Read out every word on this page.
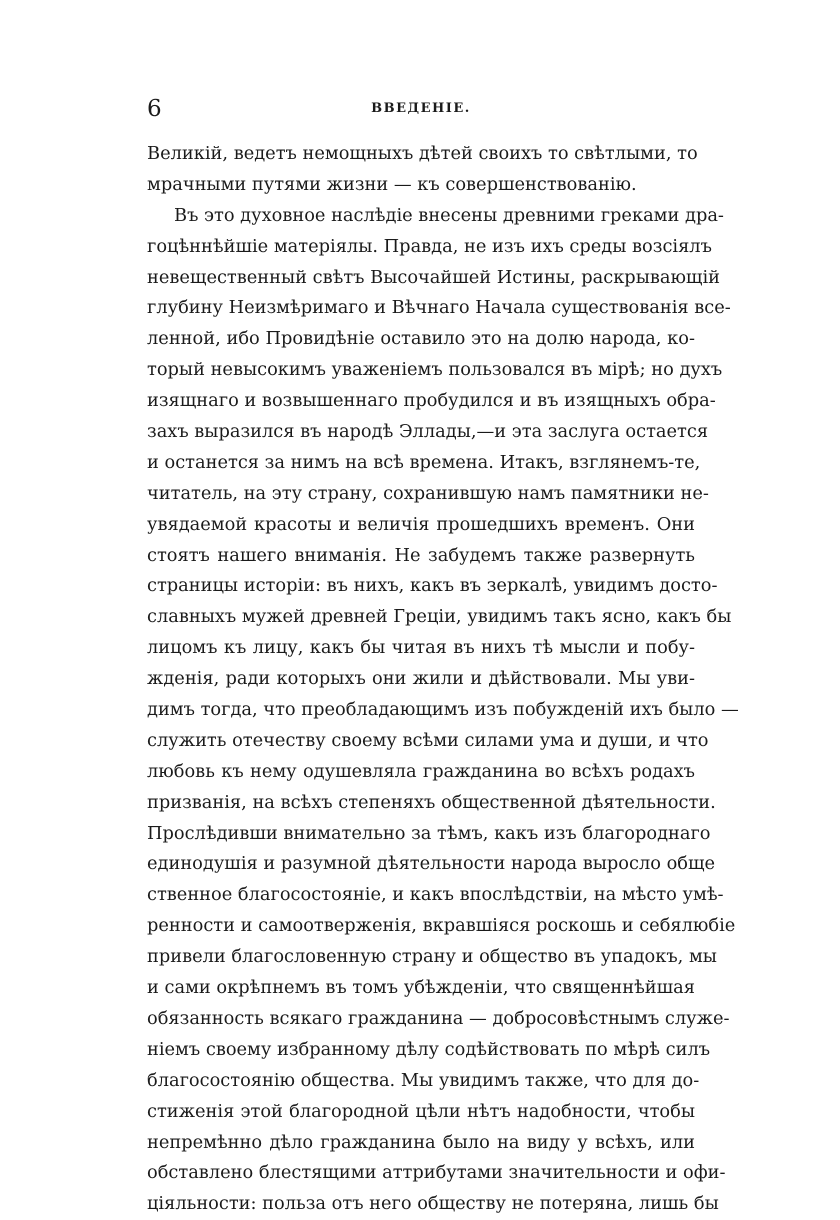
6	ВВЕДЕНІЕ.
Великій, ведетъ немощныхъ дѣтей своихъ то свѣтлыми, то
мрачными путями жизни — къ совершенствованію.
Въ это духовное наслѣдіе внесены древними греками дра-
гоцѣннѣйшіе матеріялы. Правда, не изъ ихъ среды возсіялъ
невещественный свѣтъ Высочайшей Истины, раскрывающій
глубину Неизмѣримаго и Вѣчнаго Начала существованія все-
ленной, ибо Провидѣніе оставило это на долю народа, ко-
торый невысокимъ уваженіемъ пользовался въ мірѣ; но духъ
изящнаго и возвышеннаго пробудился и въ изящныхъ обра-
захъ выразился въ народѣ Эллады,—и эта заслуга остается
и останется за нимъ на всѣ времена. Итакъ, взглянемъ-те,
читатель, на эту страну, сохранившую намъ памятники не-
увядаемой красоты и величія прошедшихъ временъ. Они
стоятъ нашего вниманія. Не забудемъ также развернуть
страницы исторіи: въ нихъ, какъ въ зеркалѣ, увидимъ досто-
славныхъ мужей древней Греціи, увидимъ такъ ясно, какъ бы
лицомъ къ лицу, какъ бы читая въ нихъ тѣ мысли и побу-
жденія, ради которыхъ они жили и дѣйствовали. Мы уви-
димъ тогда, что преобладающимъ изъ побужденій ихъ было —
служить отечеству своему всѣми силами ума и души, и что
любовь къ нему одушевляла гражданина во всѣхъ родахъ
призванія, на всѣхъ степеняхъ общественной дѣятельности.
Прослѣдивши внимательно за тѣмъ, какъ изъ благороднаго
единодушія и разумной дѣятельности народа выросло обще
ственное благосостояніе, и какъ впослѣдствіи, на мѣсто умѣ-
ренности и самоотверженія, вкравшіяся роскошь и себялюбіе
привели благословенную страну и общество въ упадокъ, мы
и сами окрѣпнемъ въ томъ убѣжденіи, что священнѣйшая
обязанность всякаго гражданина — добросовѣстнымъ служе-
ніемъ своему избранному дѣлу содѣйствовать по мѣрѣ силъ
благосостоянію общества. Мы увидимъ также, что для до-
стиженія этой благородной цѣли нѣтъ надобности, чтобы
непремѣнно дѣло гражданина было на виду у всѣхъ, или
обставлено блестящими аттрибутами значительности и офи-
ціяльности: польза отъ него обществу не потеряна, лишь бы
